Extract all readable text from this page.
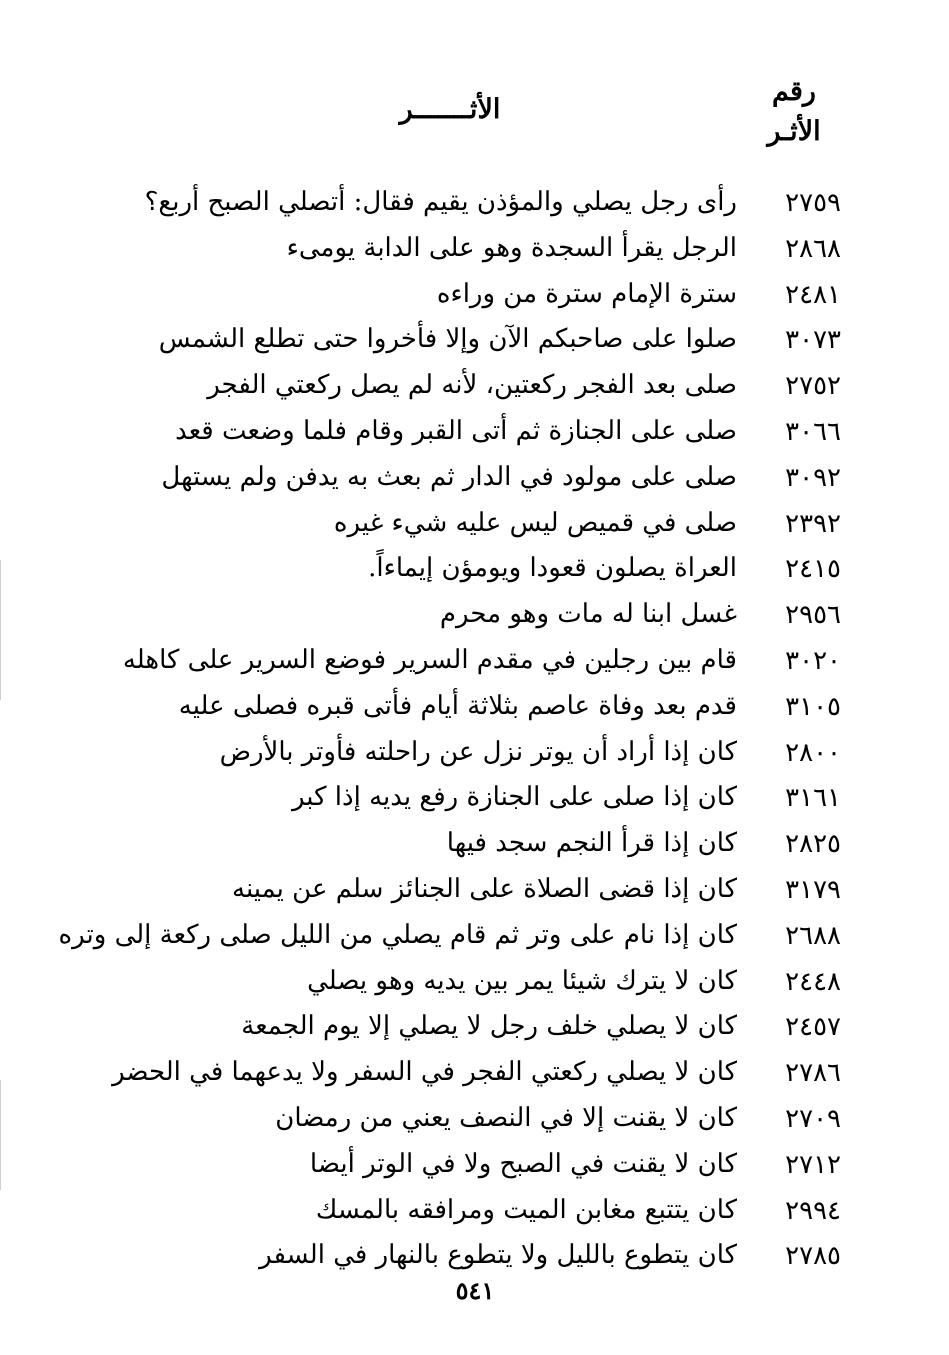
رقم
الأثـر
الأثـــــــر
٢٧٥٩
رأى رجل يصلي والمؤذن يقيم فقال: أتصلي الصبح أربع؟
٢٨٦٨
الرجل يقرأ السجدة وهو على الدابة يومىء
٢٤٨١
سترة الإمام سترة من وراءه
٣٠٧٣
صلوا على صاحبكم الآن وإلا فأخروا حتى تطلع الشمس
٢٧٥٢
صلى بعد الفجر ركعتين، لأنه لم يصل ركعتي الفجر
٣٠٦٦
صلى على الجنازة ثم أتى القبر وقام فلما وضعت قعد
٣٠٩٢
صلى على مولود في الدار ثم بعث به يدفن ولم يستهل
٢٣٩٢
صلى في قميص ليس عليه شيء غيره
٢٤١٥
العراة يصلون قعودا ويومؤن إيماءاً.
٢٩٥٦
غسل ابنا له مات وهو محرم
٣٠٢٠
قام بين رجلين في مقدم السرير فوضع السرير على كاهله
٣١٠٥
قدم بعد وفاة عاصم بثلاثة أيام فأتى قبره فصلى عليه
٢٨٠٠
كان إذا أراد أن يوتر نزل عن راحلته فأوتر بالأرض
٣١٦١
كان إذا صلى على الجنازة رفع يديه إذا كبر
٢٨٢٥
كان إذا قرأ النجم سجد فيها
٣١٧٩
كان إذا قضى الصلاة على الجنائز سلم عن يمينه
٢٦٨٨
كان إذا نام على وتر ثم قام يصلي من الليل صلى ركعة إلى وتره
٢٤٤٨
كان لا يترك شيئا يمر بين يديه وهو يصلي
٢٤٥٧
كان لا يصلي خلف رجل لا يصلي إلا يوم الجمعة
٢٧٨٦
كان لا يصلي ركعتي الفجر في السفر ولا يدعهما في الحضر
٢٧٠٩
كان لا يقنت إلا في النصف يعني من رمضان
٢٧١٢
كان لا يقنت في الصبح ولا في الوتر أيضا
٢٩٩٤
كان يتتبع مغابن الميت ومرافقه بالمسك
٢٧٨٥
كان يتطوع بالليل ولا يتطوع بالنهار في السفر
٥٤١
